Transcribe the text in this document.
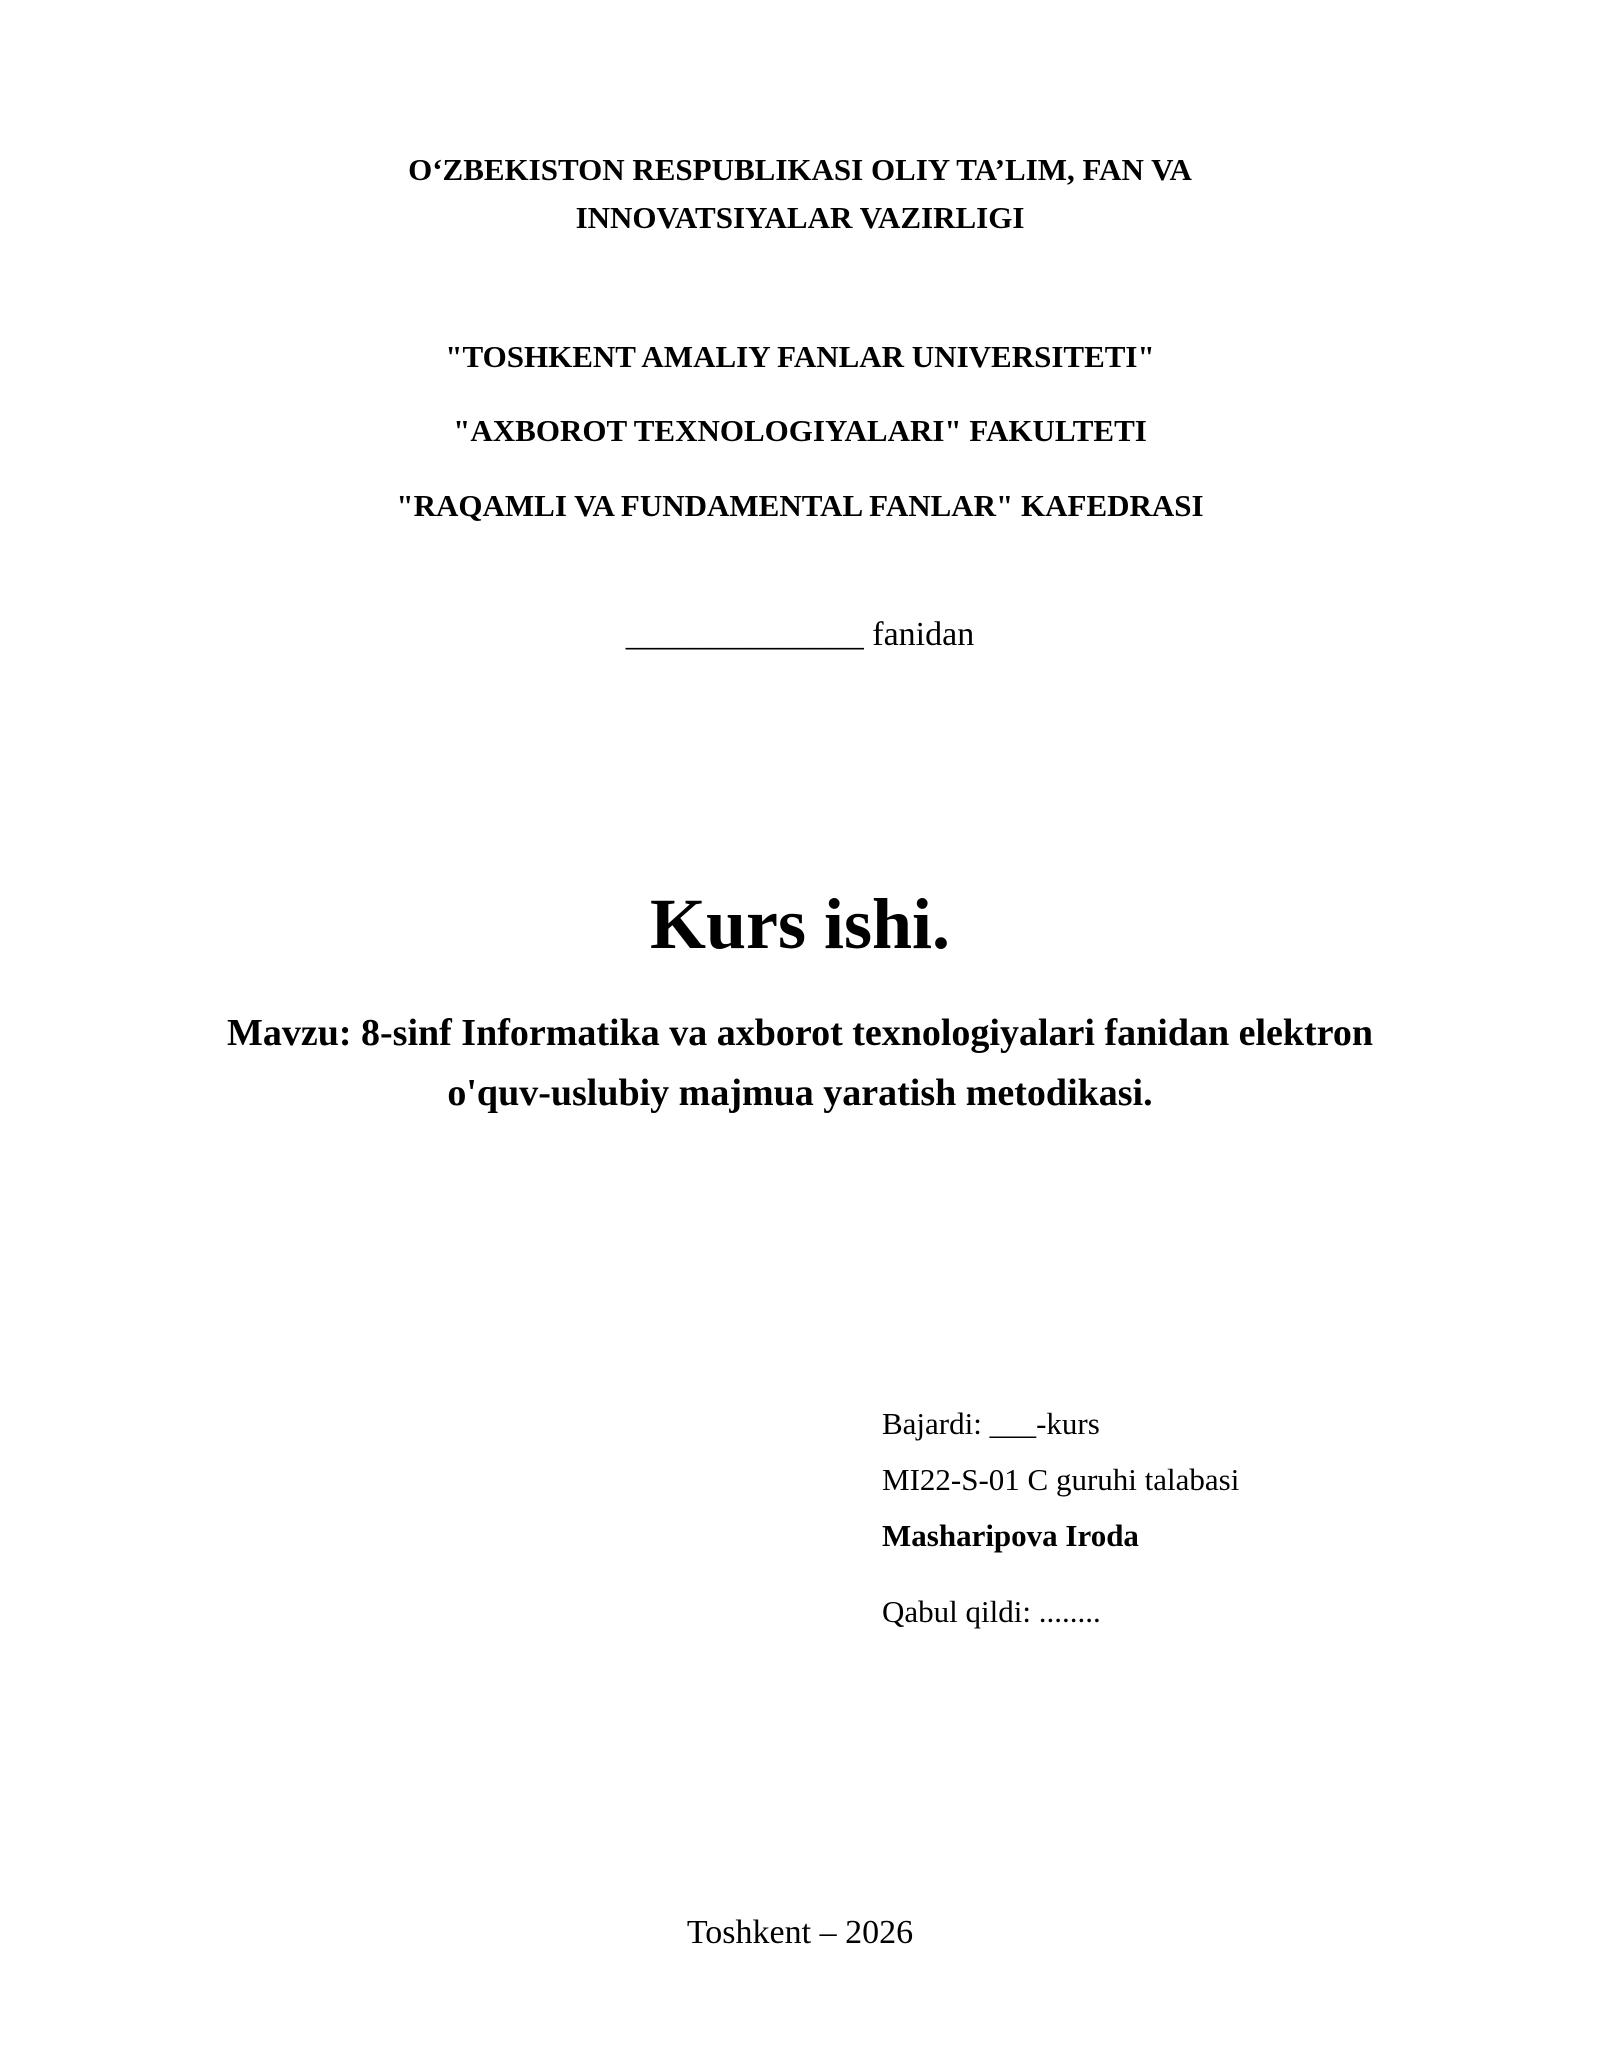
O‘ZBEKISTON RESPUBLIKASI OLIY TA’LIM, FAN VA
INNOVATSIYALAR VAZIRLIGI
"TOSHKENT AMALIY FANLAR UNIVERSITETI"
"AXBOROT TEXNOLOGIYALARI" FAKULTETI
"RAQAMLI VA FUNDAMENTAL FANLAR" KAFEDRASI
______________ fanidan
Kurs ishi.
Mavzu: 8-sinf Informatika va axborot texnologiyalari fanidan elektron
o'quv-uslubiy majmua yaratish metodikasi.
Bajardi: ___-kurs
MI22-S-01 C guruhi talabasi
Masharipova Iroda
Qabul qildi: ........
Toshkent – 2026
